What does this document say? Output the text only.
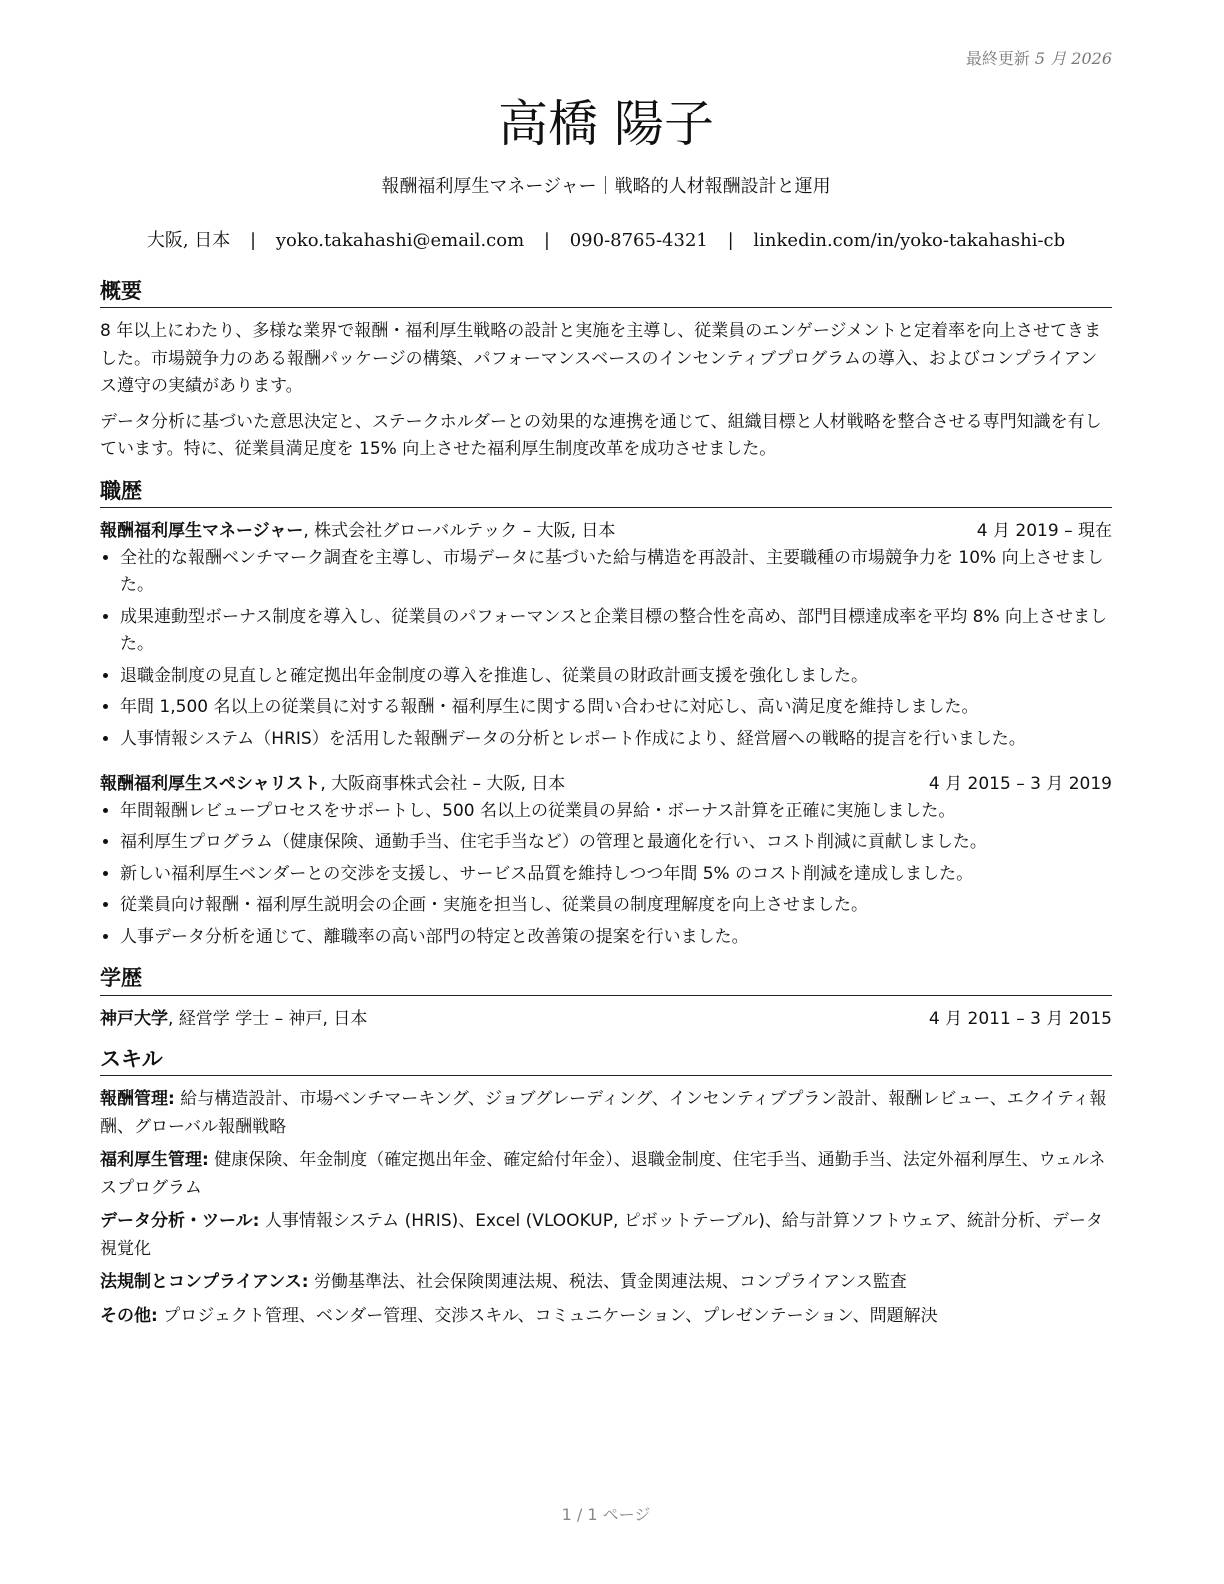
最終更新 5 月 2026
高橋 陽子
報酬福利厚生マネージャー｜戦略的人材報酬設計と運用
大阪, 日本 | yoko.takahashi@email.com | 090-8765-4321 | linkedin.com/in/yoko-takahashi-cb
概要

8 年以上にわたり、多様な業界で報酬・福利厚生戦略の設計と実施を主導し、従業員のエンゲージメントと定着率を向上させてきました。市場競争力のある報酬パッケージの構築、パフォーマンスベースのインセンティブプログラムの導入、およびコンプライアンス遵守の実績があります。

データ分析に基づいた意思決定と、ステークホルダーとの効果的な連携を通じて、組織目標と人材戦略を整合させる専門知識を有しています。特に、従業員満足度を 15% 向上させた福利厚生制度改革を成功させました。

職歴
報酬福利厚生マネージャー, 株式会社グローバルテック – 大阪, 日本	4 月 2019 – 現在
• 全社的な報酬ベンチマーク調査を主導し、市場データに基づいた給与構造を再設計、主要職種の市場競争力を 10% 向上させました。
• 成果連動型ボーナス制度を導入し、従業員のパフォーマンスと企業目標の整合性を高め、部門目標達成率を平均 8% 向上させました。
• 退職金制度の見直しと確定拠出年金制度の導入を推進し、従業員の財政計画支援を強化しました。
• 年間 1,500 名以上の従業員に対する報酬・福利厚生に関する問い合わせに対応し、高い満足度を維持しました。
• 人事情報システム（HRIS）を活用した報酬データの分析とレポート作成により、経営層への戦略的提言を行いました。
報酬福利厚生スペシャリスト, 大阪商事株式会社 – 大阪, 日本	4 月 2015 – 3 月 2019
• 年間報酬レビュープロセスをサポートし、500 名以上の従業員の昇給・ボーナス計算を正確に実施しました。
• 福利厚生プログラム（健康保険、通勤手当、住宅手当など）の管理と最適化を行い、コスト削減に貢献しました。
• 新しい福利厚生ベンダーとの交渉を支援し、サービス品質を維持しつつ年間 5% のコスト削減を達成しました。
• 従業員向け報酬・福利厚生説明会の企画・実施を担当し、従業員の制度理解度を向上させました。
• 人事データ分析を通じて、離職率の高い部門の特定と改善策の提案を行いました。
学歴
神戸大学, 経営学 学士 – 神戸, 日本	4 月 2011 – 3 月 2015
スキル

報酬管理: 給与構造設計、市場ベンチマーキング、ジョブグレーディング、インセンティブプラン設計、報酬レビュー、エクイティ報酬、グローバル報酬戦略

福利厚生管理: 健康保険、年金制度（確定拠出年金、確定給付年金）、退職金制度、住宅手当、通勤手当、法定外福利厚生、ウェルネスプログラム

データ分析・ツール: 人事情報システム (HRIS)、Excel (VLOOKUP, ピボットテーブル)、給与計算ソフトウェア、統計分析、データ視覚化

法規制とコンプライアンス: 労働基準法、社会保険関連法規、税法、賃金関連法規、コンプライアンス監査

その他: プロジェクト管理、ベンダー管理、交渉スキル、コミュニケーション、プレゼンテーション、問題解決

1 / 1 ページ
